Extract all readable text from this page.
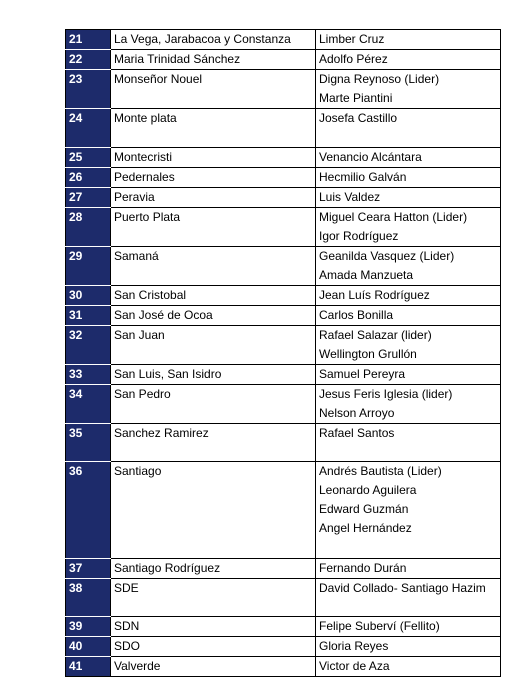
21	La Vega, Jarabacoa y Constanza	Limber Cruz

22	Maria Trinidad Sánchez	Adolfo Pérez

23	Monseñor Nouel	Digna Reynoso (Lider)
Marte Piantini

24	Monte plata	Josefa Castillo

25	Montecristi	Venancio Alcántara

26	Pedernales	Hecmilio Galván

27	Peravia	Luis Valdez

28	Puerto Plata	Miguel Ceara Hatton (Lider)
Igor Rodríguez

29	Samaná	Geanilda Vasquez (Lider)
Amada Manzueta

30	San Cristobal	Jean Luís Rodríguez

31	San José de Ocoa	Carlos Bonilla

32	San Juan	Rafael Salazar (lider)
Wellington Grullón

33	San Luis, San Isidro	Samuel Pereyra

34	San Pedro	Jesus Feris Iglesia (lider)
Nelson Arroyo

35	Sanchez Ramirez	Rafael Santos

36	Santiago	Andrés Bautista (Lider)
Leonardo Aguilera
Edward Guzmán
Angel Hernández

37	Santiago Rodríguez	Fernando Durán

38	SDE	David Collado- Santiago Hazim

39	SDN	Felipe Suberví (Fellito)

40	SDO	Gloria Reyes

41	Valverde	Victor de Aza
